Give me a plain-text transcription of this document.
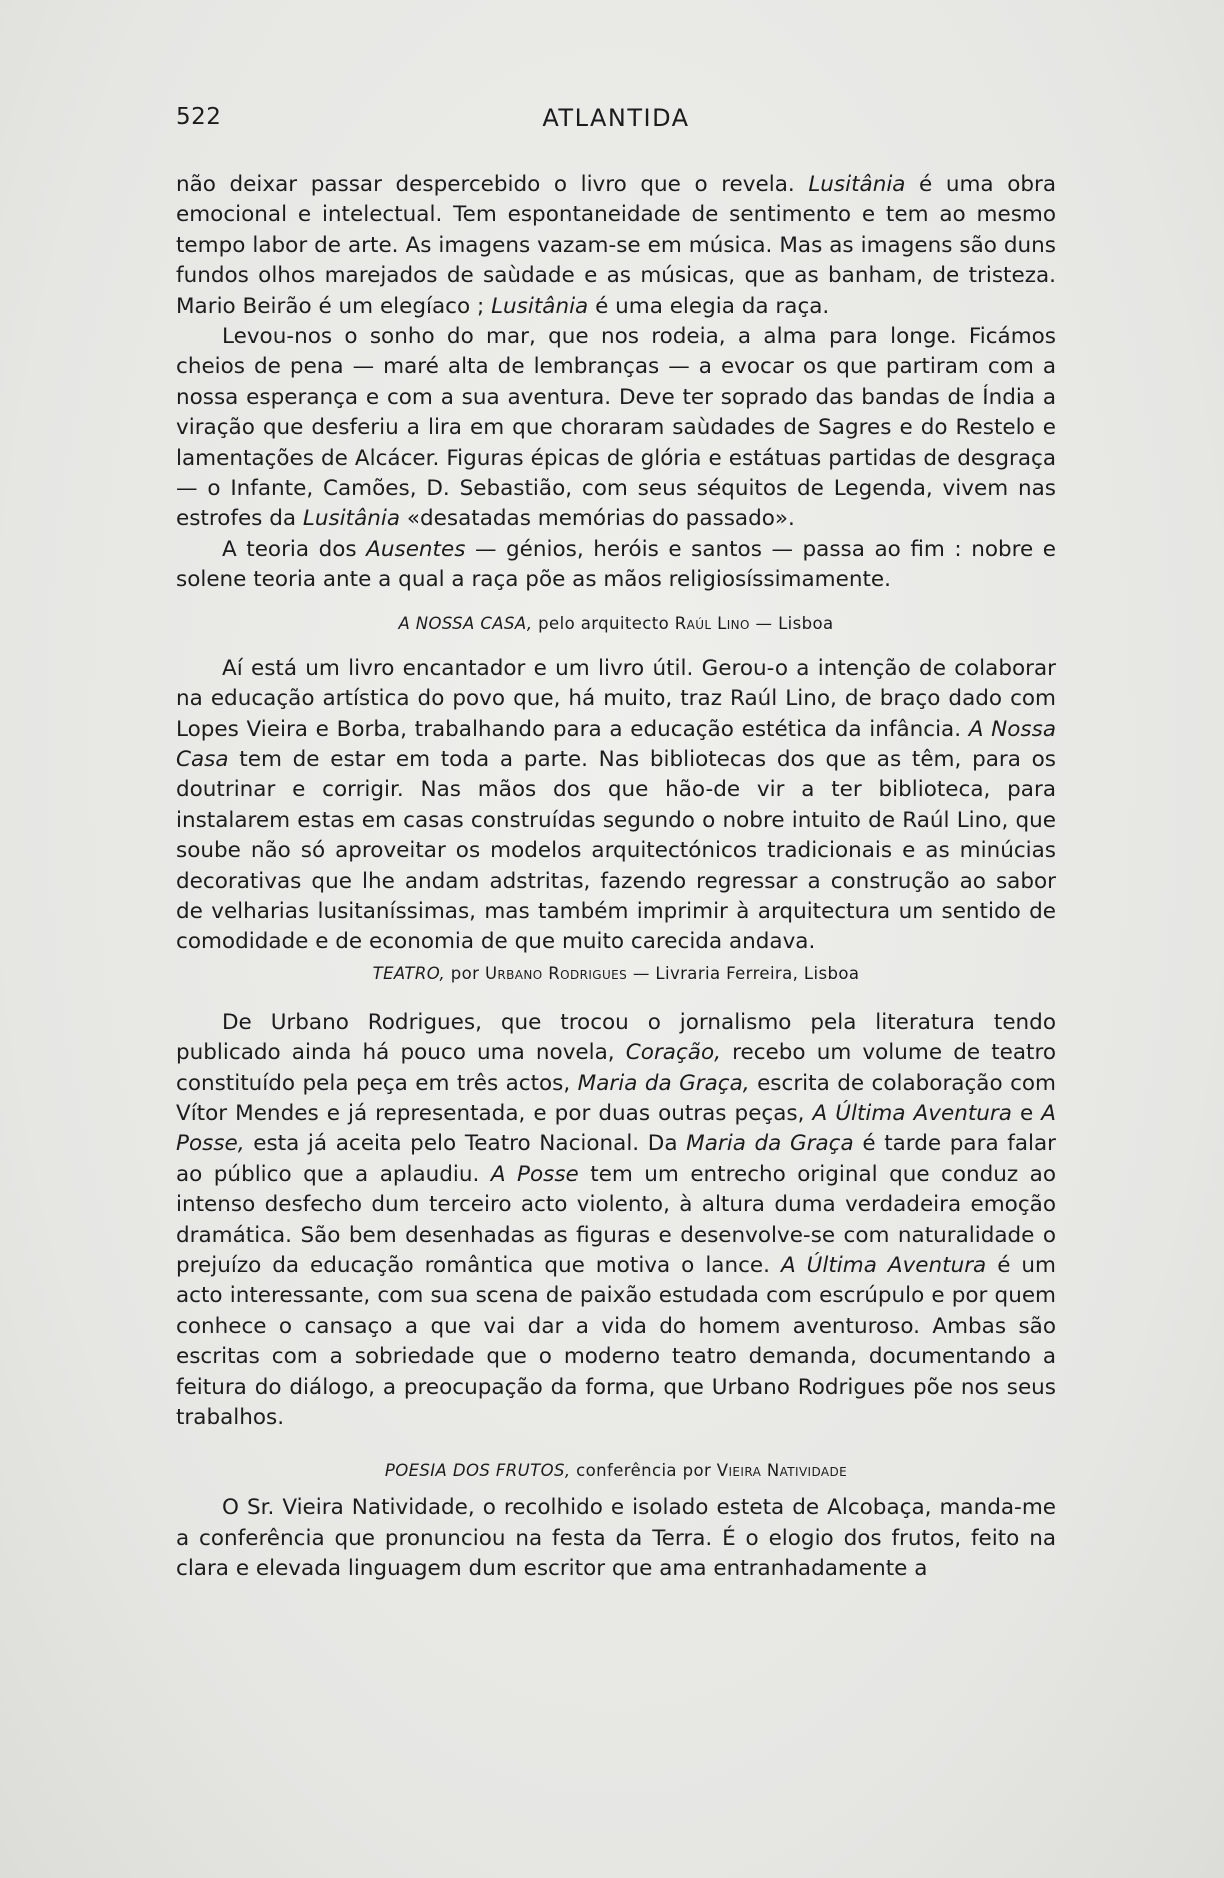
522	ATLANTIDA

não deixar passar despercebido o livro que o revela. Lusitânia é uma obra emocional e intelectual. Tem espontaneidade de sentimento e tem ao mesmo tempo labor de arte. As imagens vazam-se em música. Mas as imagens são duns fundos olhos marejados de saùdade e as músicas, que as banham, de tristeza. Mario Beirão é um elegíaco ; Lusitânia é uma elegia da raça.

Levou-nos o sonho do mar, que nos rodeia, a alma para longe. Ficámos cheios de pena — maré alta de lembranças — a evocar os que partiram com a nossa esperança e com a sua aventura. Deve ter soprado das bandas de Índia a viração que desferiu a lira em que choraram saùdades de Sagres e do Restelo e lamentações de Alcácer. Figuras épicas de glória e estátuas partidas de desgraça — o Infante, Camões, D. Sebastião, com seus séquitos de Legenda, vivem nas estrofes da Lusitânia «desatadas memórias do passado».

A teoria dos Ausentes — génios, heróis e santos — passa ao fim : nobre e solene teoria ante a qual a raça põe as mãos religiosíssimamente.

A NOSSA CASA, pelo arquitecto Raúl Lino — Lisboa

Aí está um livro encantador e um livro útil. Gerou-o a intenção de colaborar na educação artística do povo que, há muito, traz Raúl Lino, de braço dado com Lopes Vieira e Borba, trabalhando para a educação estética da infância. A Nossa Casa tem de estar em toda a parte. Nas bibliotecas dos que as têm, para os doutrinar e corrigir. Nas mãos dos que hão-de vir a ter biblioteca, para instalarem estas em casas construídas segundo o nobre intuito de Raúl Lino, que soube não só aproveitar os modelos arquitectónicos tradicionais e as minúcias decorativas que lhe andam adstritas, fazendo regressar a construção ao sabor de velharias lusitaníssimas, mas também imprimir à arquitectura um sentido de comodidade e de economia de que muito carecida andava.

TEATRO, por Urbano Rodrigues — Livraria Ferreira, Lisboa

De Urbano Rodrigues, que trocou o jornalismo pela literatura tendo publicado ainda há pouco uma novela, Coração, recebo um volume de teatro constituído pela peça em três actos, Maria da Graça, escrita de colaboração com Vítor Mendes e já representada, e por duas outras peças, A Última Aventura e A Posse, esta já aceita pelo Teatro Nacional. Da Maria da Graça é tarde para falar ao público que a aplaudiu. A Posse tem um entrecho original que conduz ao intenso desfecho dum terceiro acto violento, à altura duma verdadeira emoção dramática. São bem desenhadas as figuras e desenvolve-se com naturalidade o prejuízo da educação romântica que motiva o lance. A Última Aventura é um acto interessante, com sua scena de paixão estudada com escrúpulo e por quem conhece o cansaço a que vai dar a vida do homem aventuroso. Ambas são escritas com a sobriedade que o moderno teatro demanda, documentando a feitura do diálogo, a preocupação da forma, que Urbano Rodrigues põe nos seus trabalhos.

POESIA DOS FRUTOS, conferência por Vieira Natividade

O Sr. Vieira Natividade, o recolhido e isolado esteta de Alcobaça, manda-me a conferência que pronunciou na festa da Terra. É o elogio dos frutos, feito na clara e elevada linguagem dum escritor que ama entranhadamente a
